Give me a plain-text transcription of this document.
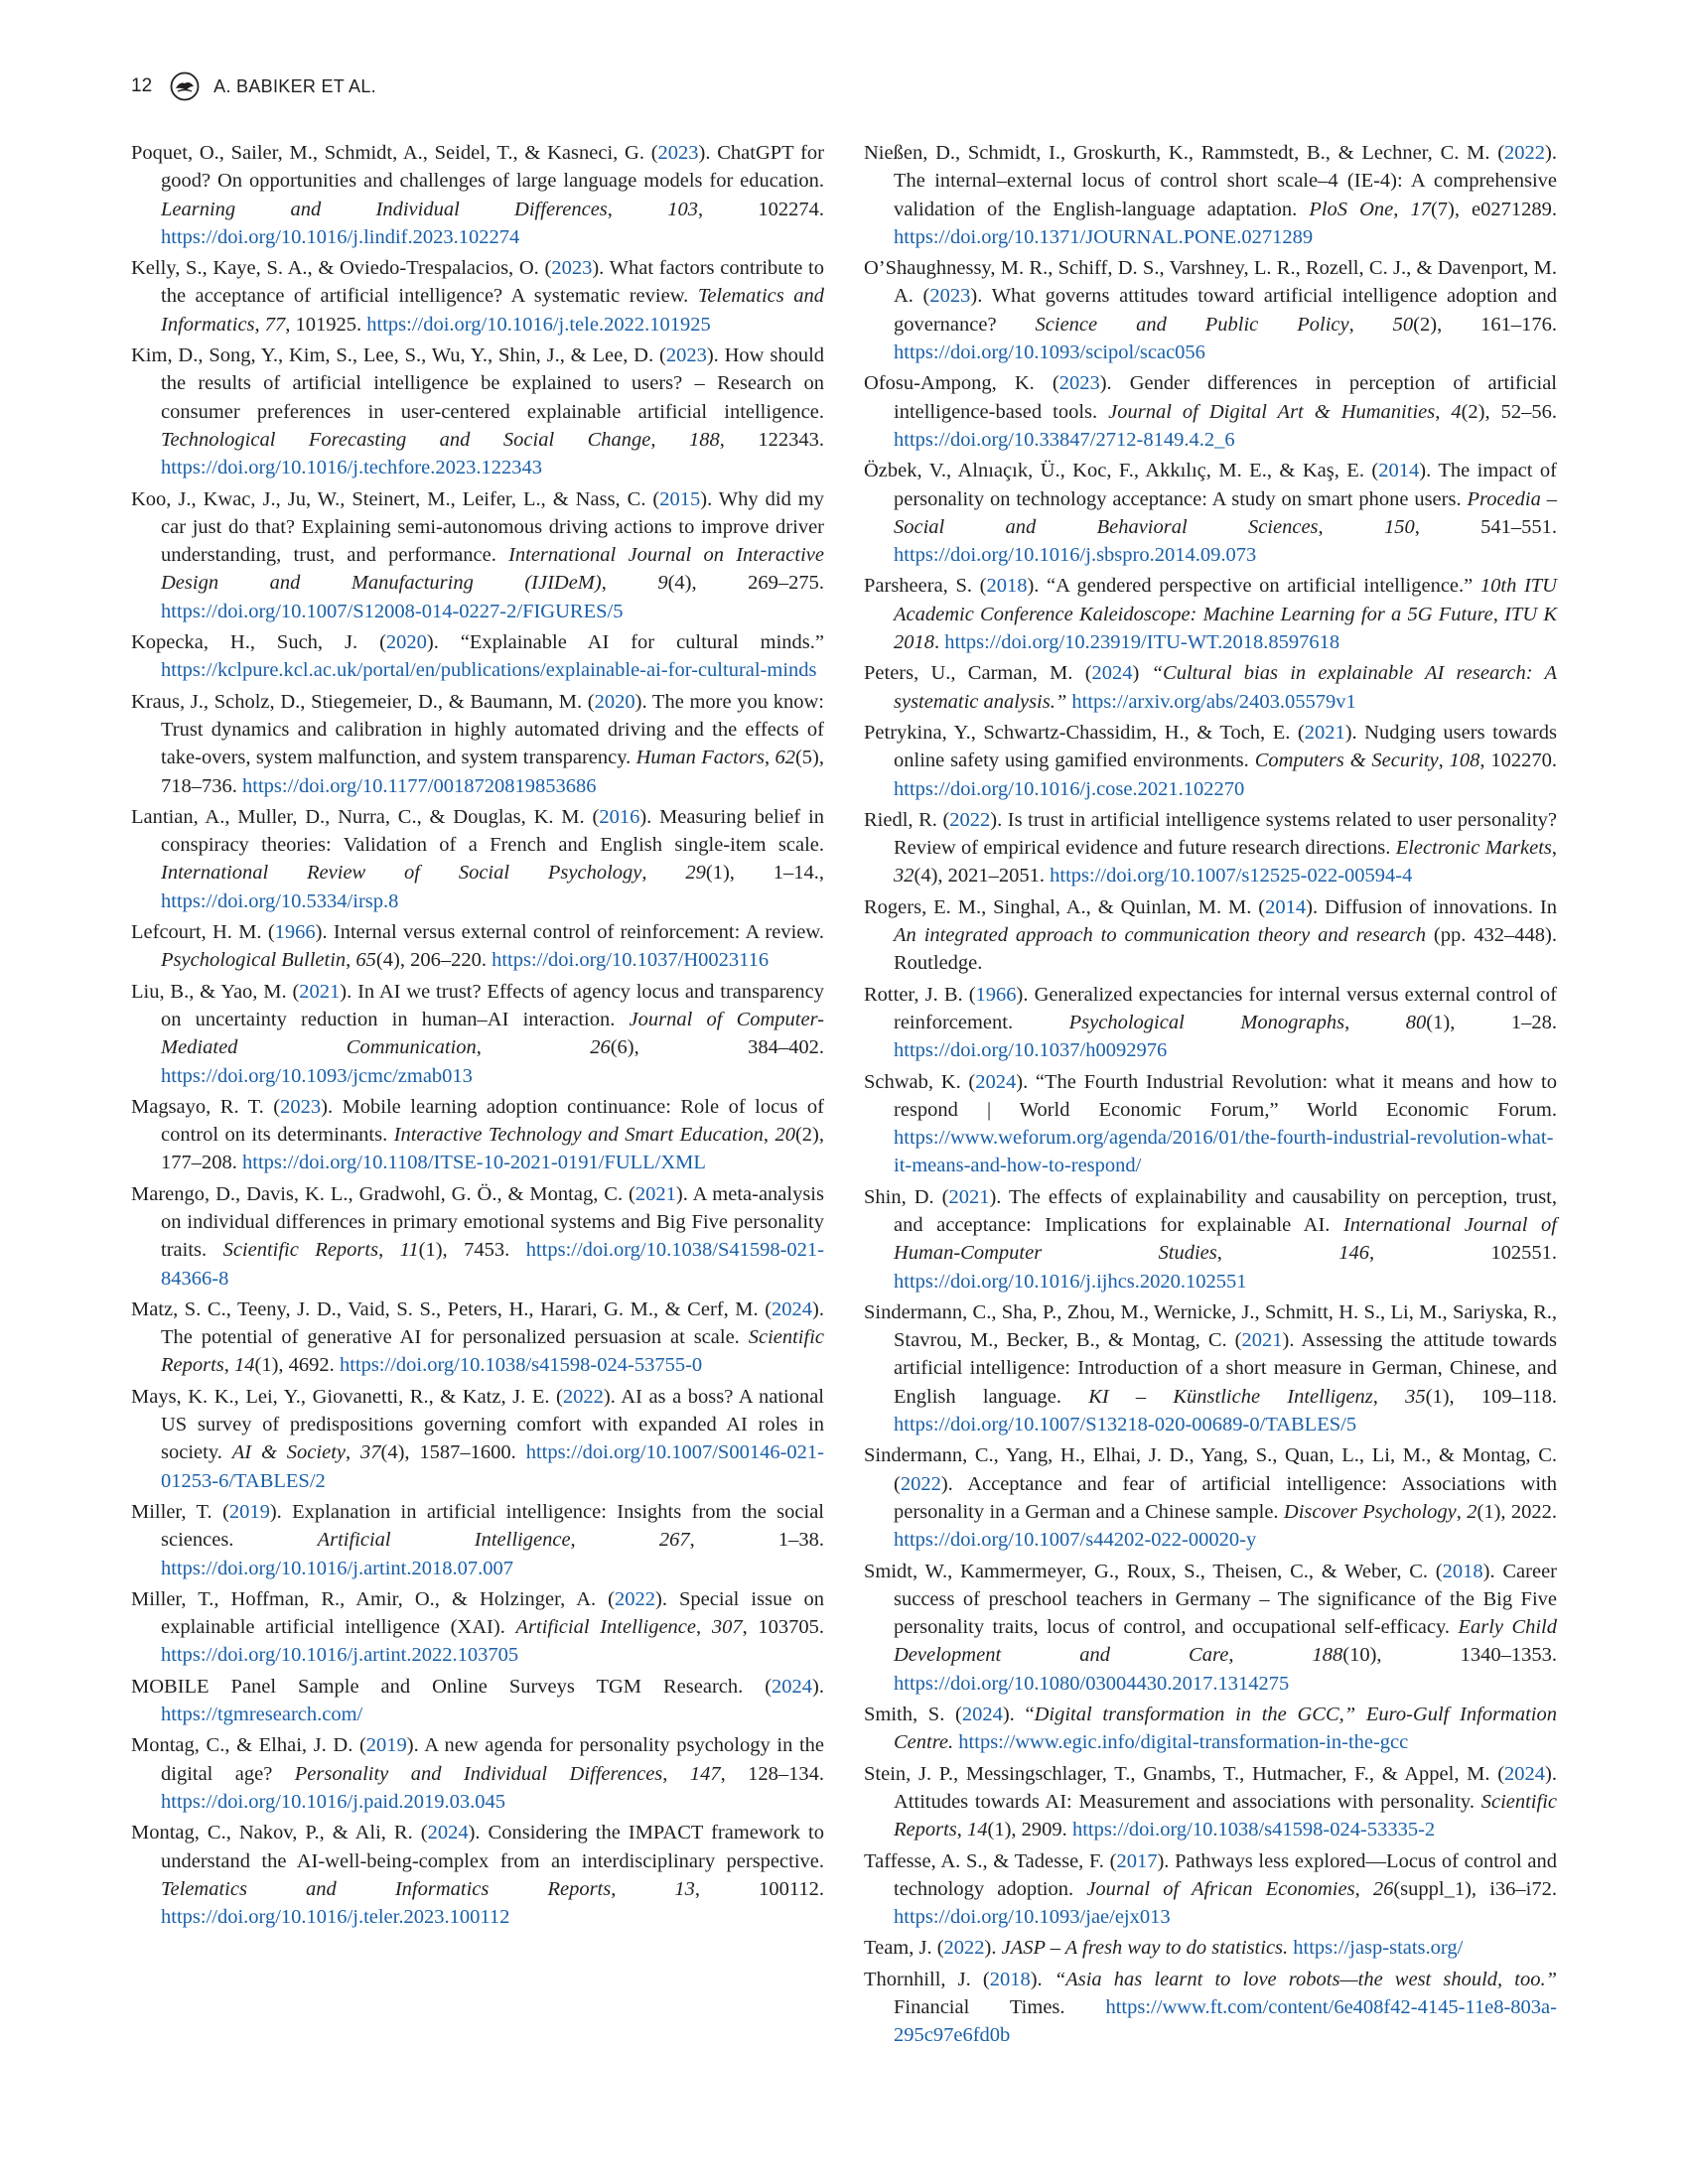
12	A. BABIKER ET AL.

Poquet, O., Sailer, M., Schmidt, A., Seidel, T., & Kasneci, G. (2023). ChatGPT for good? On opportunities and challenges of large language models for education. Learning and Individual Differences, 103, 102274. https://doi.org/10.1016/j.lindif.2023.102274

Kelly, S., Kaye, S. A., & Oviedo-Trespalacios, O. (2023). What factors contribute to the acceptance of artificial intelligence? A systematic review. Telematics and Informatics, 77, 101925. https://doi.org/10.1016/j.tele.2022.101925

Kim, D., Song, Y., Kim, S., Lee, S., Wu, Y., Shin, J., & Lee, D. (2023). How should the results of artificial intelligence be explained to users? – Research on consumer preferences in user-centered explainable artificial intelligence. Technological Forecasting and Social Change, 188, 122343. https://doi.org/10.1016/j.techfore.2023.122343

Koo, J., Kwac, J., Ju, W., Steinert, M., Leifer, L., & Nass, C. (2015). Why did my car just do that? Explaining semi-autonomous driving actions to improve driver understanding, trust, and performance. International Journal on Interactive Design and Manufacturing (IJIDeM), 9(4), 269–275. https://doi.org/10.1007/S12008-014-0227-2/FIGURES/5

Kopecka, H., Such, J. (2020). “Explainable AI for cultural minds.” https://kclpure.kcl.ac.uk/portal/en/publications/explainable-ai-for-cultural-minds

Kraus, J., Scholz, D., Stiegemeier, D., & Baumann, M. (2020). The more you know: Trust dynamics and calibration in highly automated driving and the effects of take-overs, system malfunction, and system transparency. Human Factors, 62(5), 718–736. https://doi.org/10.1177/0018720819853686

Lantian, A., Muller, D., Nurra, C., & Douglas, K. M. (2016). Measuring belief in conspiracy theories: Validation of a French and English single-item scale. International Review of Social Psychology, 29(1), 1–14., https://doi.org/10.5334/irsp.8

Lefcourt, H. M. (1966). Internal versus external control of reinforcement: A review. Psychological Bulletin, 65(4), 206–220. https://doi.org/10.1037/H0023116

Liu, B., & Yao, M. (2021). In AI we trust? Effects of agency locus and transparency on uncertainty reduction in human–AI interaction. Journal of Computer-Mediated Communication, 26(6), 384–402. https://doi.org/10.1093/jcmc/zmab013

Magsayo, R. T. (2023). Mobile learning adoption continuance: Role of locus of control on its determinants. Interactive Technology and Smart Education, 20(2), 177–208. https://doi.org/10.1108/ITSE-10-2021-0191/FULL/XML

Marengo, D., Davis, K. L., Gradwohl, G. Ö., & Montag, C. (2021). A meta-analysis on individual differences in primary emotional systems and Big Five personality traits. Scientific Reports, 11(1), 7453. https://doi.org/10.1038/S41598-021-84366-8

Matz, S. C., Teeny, J. D., Vaid, S. S., Peters, H., Harari, G. M., & Cerf, M. (2024). The potential of generative AI for personalized persuasion at scale. Scientific Reports, 14(1), 4692. https://doi.org/10.1038/s41598-024-53755-0

Mays, K. K., Lei, Y., Giovanetti, R., & Katz, J. E. (2022). AI as a boss? A national US survey of predispositions governing comfort with expanded AI roles in society. AI & Society, 37(4), 1587–1600. https://doi.org/10.1007/S00146-021-01253-6/TABLES/2

Miller, T. (2019). Explanation in artificial intelligence: Insights from the social sciences. Artificial Intelligence, 267, 1–38. https://doi.org/10.1016/j.artint.2018.07.007

Miller, T., Hoffman, R., Amir, O., & Holzinger, A. (2022). Special issue on explainable artificial intelligence (XAI). Artificial Intelligence, 307, 103705. https://doi.org/10.1016/j.artint.2022.103705

MOBILE Panel Sample and Online Surveys TGM Research. (2024). https://tgmresearch.com/

Montag, C., & Elhai, J. D. (2019). A new agenda for personality psychology in the digital age? Personality and Individual Differences, 147, 128–134. https://doi.org/10.1016/j.paid.2019.03.045

Montag, C., Nakov, P., & Ali, R. (2024). Considering the IMPACT framework to understand the AI-well-being-complex from an interdisciplinary perspective. Telematics and Informatics Reports, 13, 100112. https://doi.org/10.1016/j.teler.2023.100112

Nießen, D., Schmidt, I., Groskurth, K., Rammstedt, B., & Lechner, C. M. (2022). The internal–external locus of control short scale–4 (IE-4): A comprehensive validation of the English-language adaptation. PloS One, 17(7), e0271289. https://doi.org/10.1371/JOURNAL.PONE.0271289

O’Shaughnessy, M. R., Schiff, D. S., Varshney, L. R., Rozell, C. J., & Davenport, M. A. (2023). What governs attitudes toward artificial intelligence adoption and governance? Science and Public Policy, 50(2), 161–176. https://doi.org/10.1093/scipol/scac056

Ofosu-Ampong, K. (2023). Gender differences in perception of artificial intelligence-based tools. Journal of Digital Art & Humanities, 4(2), 52–56. https://doi.org/10.33847/2712-8149.4.2_6

Özbek, V., Alnıaçık, Ü., Koc, F., Akkılıç, M. E., & Kaş, E. (2014). The impact of personality on technology acceptance: A study on smart phone users. Procedia – Social and Behavioral Sciences, 150, 541–551. https://doi.org/10.1016/j.sbspro.2014.09.073

Parsheera, S. (2018). “A gendered perspective on artificial intelligence.” 10th ITU Academic Conference Kaleidoscope: Machine Learning for a 5G Future, ITU K 2018. https://doi.org/10.23919/ITU-WT.2018.8597618

Peters, U., Carman, M. (2024) “Cultural bias in explainable AI research: A systematic analysis.” https://arxiv.org/abs/2403.05579v1

Petrykina, Y., Schwartz-Chassidim, H., & Toch, E. (2021). Nudging users towards online safety using gamified environments. Computers & Security, 108, 102270. https://doi.org/10.1016/j.cose.2021.102270

Riedl, R. (2022). Is trust in artificial intelligence systems related to user personality? Review of empirical evidence and future research directions. Electronic Markets, 32(4), 2021–2051. https://doi.org/10.1007/s12525-022-00594-4

Rogers, E. M., Singhal, A., & Quinlan, M. M. (2014). Diffusion of innovations. In An integrated approach to communication theory and research (pp. 432–448). Routledge.

Rotter, J. B. (1966). Generalized expectancies for internal versus external control of reinforcement. Psychological Monographs, 80(1), 1–28. https://doi.org/10.1037/h0092976

Schwab, K. (2024). “The Fourth Industrial Revolution: what it means and how to respond | World Economic Forum,” World Economic Forum. https://www.weforum.org/agenda/2016/01/the-fourth-industrial-revolution-what-it-means-and-how-to-respond/

Shin, D. (2021). The effects of explainability and causability on perception, trust, and acceptance: Implications for explainable AI. International Journal of Human-Computer Studies, 146, 102551. https://doi.org/10.1016/j.ijhcs.2020.102551

Sindermann, C., Sha, P., Zhou, M., Wernicke, J., Schmitt, H. S., Li, M., Sariyska, R., Stavrou, M., Becker, B., & Montag, C. (2021). Assessing the attitude towards artificial intelligence: Introduction of a short measure in German, Chinese, and English language. KI – Künstliche Intelligenz, 35(1), 109–118. https://doi.org/10.1007/S13218-020-00689-0/TABLES/5

Sindermann, C., Yang, H., Elhai, J. D., Yang, S., Quan, L., Li, M., & Montag, C. (2022). Acceptance and fear of artificial intelligence: Associations with personality in a German and a Chinese sample. Discover Psychology, 2(1), 2022. https://doi.org/10.1007/s44202-022-00020-y

Smidt, W., Kammermeyer, G., Roux, S., Theisen, C., & Weber, C. (2018). Career success of preschool teachers in Germany – The significance of the Big Five personality traits, locus of control, and occupational self-efficacy. Early Child Development and Care, 188(10), 1340–1353. https://doi.org/10.1080/03004430.2017.1314275

Smith, S. (2024). “Digital transformation in the GCC,” Euro-Gulf Information Centre. https://www.egic.info/digital-transformation-in-the-gcc

Stein, J. P., Messingschlager, T., Gnambs, T., Hutmacher, F., & Appel, M. (2024). Attitudes towards AI: Measurement and associations with personality. Scientific Reports, 14(1), 2909. https://doi.org/10.1038/s41598-024-53335-2

Taffesse, A. S., & Tadesse, F. (2017). Pathways less explored—Locus of control and technology adoption. Journal of African Economies, 26(suppl_1), i36–i72. https://doi.org/10.1093/jae/ejx013

Team, J. (2022). JASP – A fresh way to do statistics. https://jasp-stats.org/

Thornhill, J. (2018). “Asia has learnt to love robots—the west should, too.” Financial Times. https://www.ft.com/content/6e408f42-4145-11e8-803a-295c97e6fd0b
